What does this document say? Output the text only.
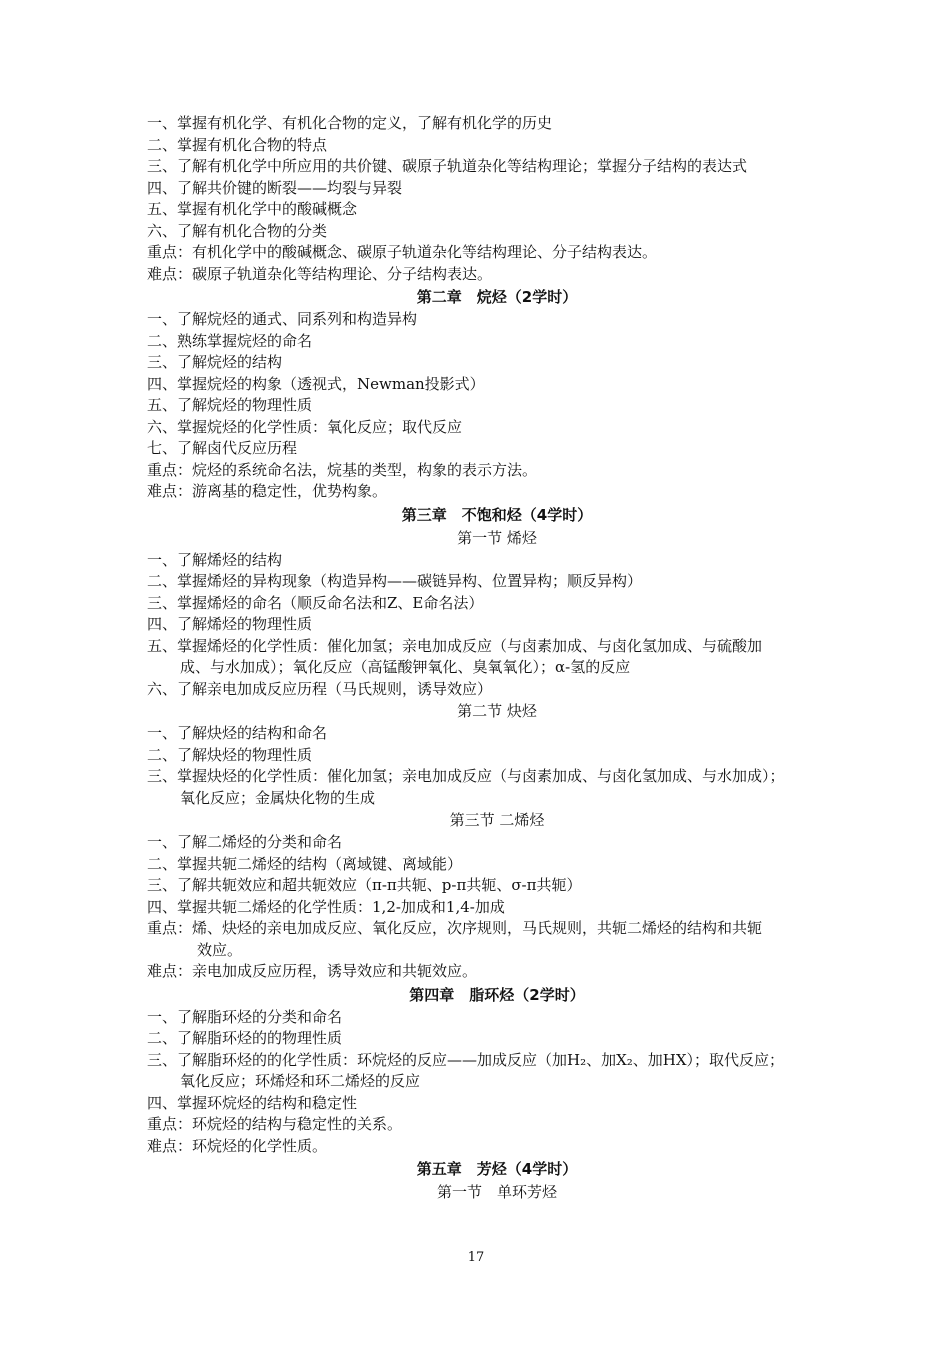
一、掌握有机化学、有机化合物的定义，了解有机化学的历史
二、掌握有机化合物的特点
三、了解有机化学中所应用的共价键、碳原子轨道杂化等结构理论；掌握分子结构的表达式
四、了解共价键的断裂——均裂与异裂
五、掌握有机化学中的酸碱概念
六、了解有机化合物的分类
重点：有机化学中的酸碱概念、碳原子轨道杂化等结构理论、分子结构表达。
难点：碳原子轨道杂化等结构理论、分子结构表达。
第二章　烷烃（2学时）
一、了解烷烃的通式、同系列和构造异构
二、熟练掌握烷烃的命名
三、了解烷烃的结构
四、掌握烷烃的构象（透视式，Newman投影式）
五、了解烷烃的物理性质
六、掌握烷烃的化学性质：氧化反应；取代反应
七、了解卤代反应历程
重点：烷烃的系统命名法，烷基的类型，构象的表示方法。
难点：游离基的稳定性，优势构象。
第三章　不饱和烃（4学时）
第一节 烯烃
一、了解烯烃的结构
二、掌握烯烃的异构现象（构造异构——碳链异构、位置异构；顺反异构）
三、掌握烯烃的命名（顺反命名法和Z、E命名法）
四、了解烯烃的物理性质
五、掌握烯烃的化学性质：催化加氢；亲电加成反应（与卤素加成、与卤化氢加成、与硫酸加
成、与水加成）；氧化反应（高锰酸钾氧化、臭氧氧化）；α-氢的反应
六、了解亲电加成反应历程（马氏规则，诱导效应）
第二节 炔烃
一、了解炔烃的结构和命名
二、了解炔烃的物理性质
三、掌握炔烃的化学性质：催化加氢；亲电加成反应（与卤素加成、与卤化氢加成、与水加成）；
氧化反应；金属炔化物的生成
第三节 二烯烃
一、了解二烯烃的分类和命名
二、掌握共轭二烯烃的结构（离域键、离域能）
三、了解共轭效应和超共轭效应（π-π共轭、p-π共轭、σ-π共轭）
四、掌握共轭二烯烃的化学性质：1,2-加成和1,4-加成
重点：烯、炔烃的亲电加成反应、氧化反应，次序规则，马氏规则，共轭二烯烃的结构和共轭
效应。
难点：亲电加成反应历程，诱导效应和共轭效应。
第四章　脂环烃（2学时）
一、了解脂环烃的分类和命名
二、了解脂环烃的的物理性质
三、了解脂环烃的的化学性质：环烷烃的反应——加成反应（加H₂、加X₂、加HX）；取代反应；
氧化反应；环烯烃和环二烯烃的反应
四、掌握环烷烃的结构和稳定性
重点：环烷烃的结构与稳定性的关系。
难点：环烷烃的化学性质。
第五章　芳烃（4学时）
第一节　单环芳烃
17
